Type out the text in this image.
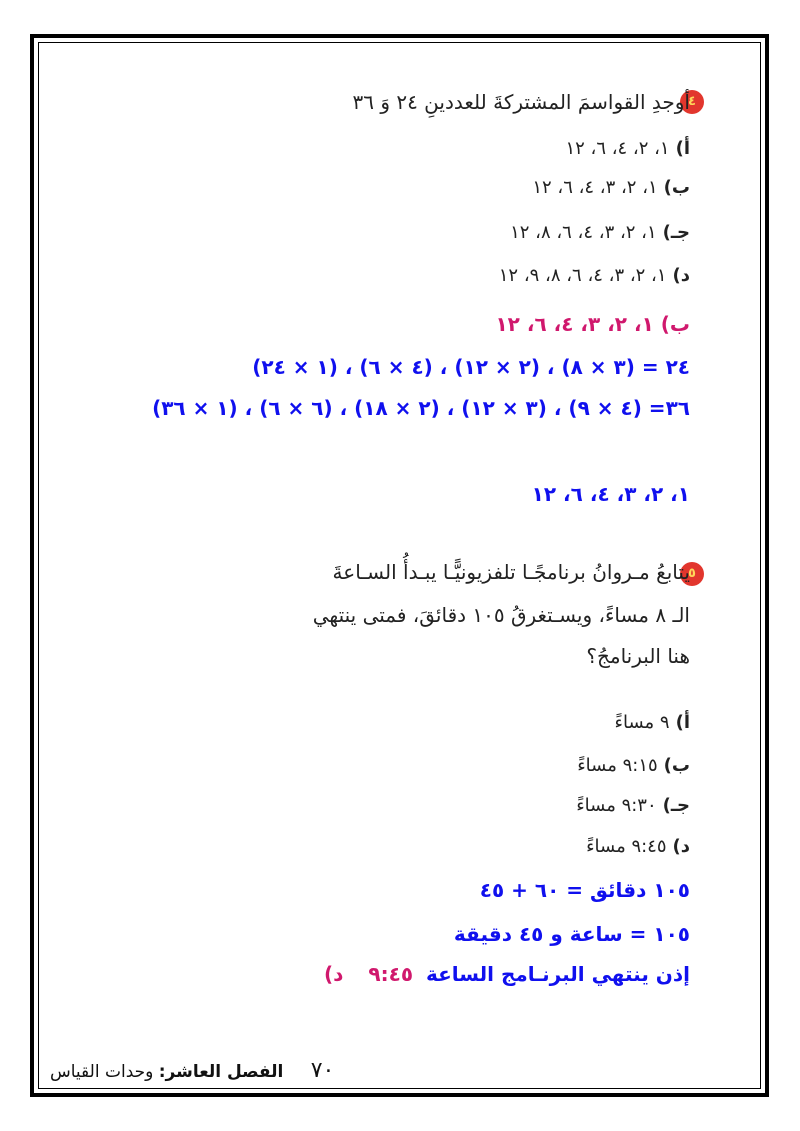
٤
أوجدِ القواسمَ المشتركةَ للعددينِ ٢٤ وَ ٣٦
أ)١، ٢، ٤، ٦، ١٢
ب)١، ٢، ٣، ٤، ٦، ١٢
جـ)١، ٢، ٣، ٤، ٦، ٨، ١٢
د)١، ٢، ٣، ٤، ٦، ٨، ٩، ١٢
ب) ١، ٢، ٣، ٤، ٦، ١٢
٢٤ = (٣ × ٨) ، (٢ × ١٢) ، (٤ × ٦) ، (١ × ٢٤)
٣٦= (٤ × ٩) ، (٣ × ١٢) ، (٢ × ١٨) ، (٦ × ٦) ، (١ × ٣٦)
١، ٢، ٣، ٤، ٦، ١٢
٥
يتابعُ مـروانُ برنامجًـا تلفزيونيًّـا يبـدأُ السـاعةَ
الـ ٨ مساءً، ويسـتغرقُ ١٠٥ دقائقَ، فمتى ينتهي
هنا البرنامجُ؟
أ)٩ مساءً
ب)٩:١٥ مساءً
جـ)٩:٣٠ مساءً
د)٩:٤٥ مساءً
١٠٥ دقائق = ٦٠ + ٤٥
١٠٥ = ساعة و ٤٥ دقيقة
إذن ينتهي البرنـامج الساعة ٩:٤٥ د)
٧٠ الفصل العاشر: وحدات القياس
